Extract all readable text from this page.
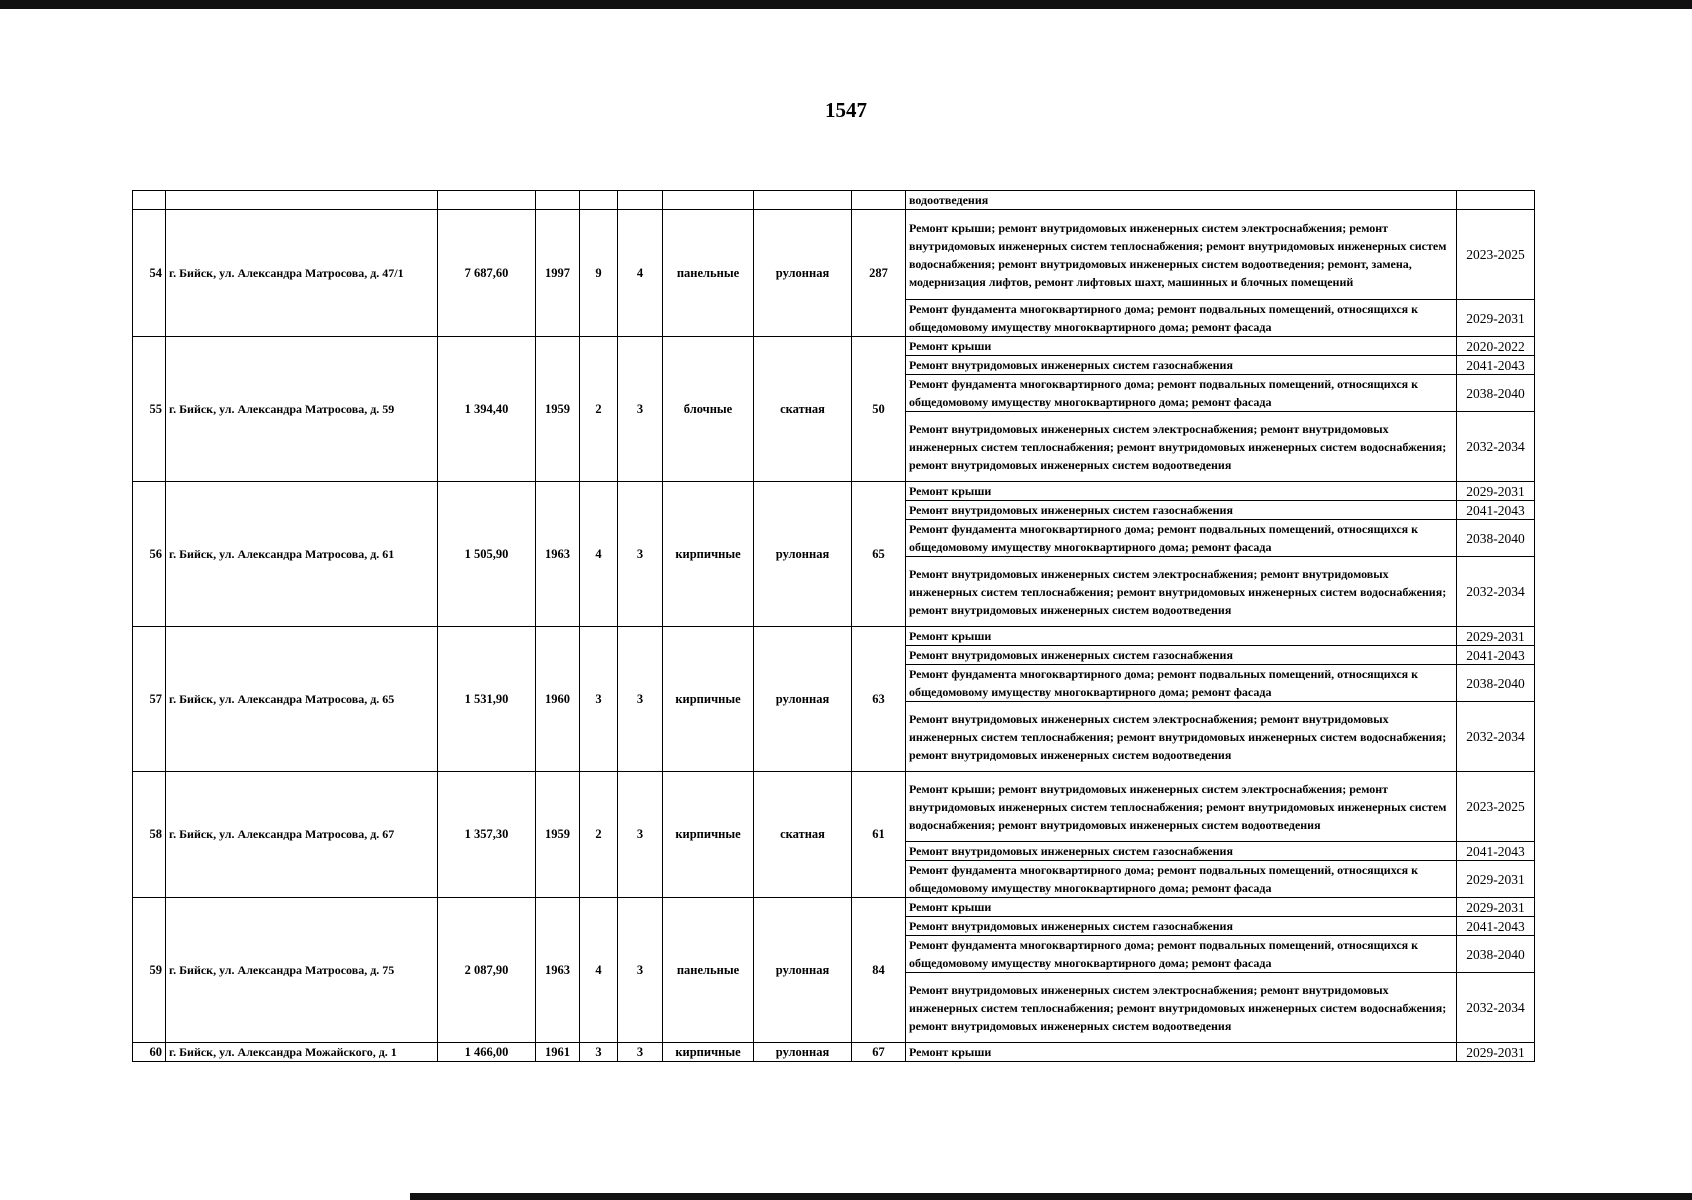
1547
									водоотведения	
54	г. Бийск, ул. Александра Матросова, д. 47/1	7 687,60	1997	9	4	панельные	рулонная	287	Ремонт крыши; ремонт внутридомовых инженерных систем электроснабжения; ремонт внутридомовых инженерных систем теплоснабжения; ремонт внутридомовых инженерных систем водоснабжения; ремонт внутридомовых инженерных систем водоотведения; ремонт, замена, модернизация лифтов, ремонт лифтовых шахт, машинных и блочных помещений	2023-2025
									Ремонт фундамента многоквартирного дома; ремонт подвальных помещений, относящихся к общедомовому имуществу многоквартирного дома; ремонт фасада	2029-2031
55	г. Бийск, ул. Александра Матросова, д. 59	1 394,40	1959	2	3	блочные	скатная	50	Ремонт крыши	2020-2022
									Ремонт внутридомовых инженерных систем газоснабжения	2041-2043
									Ремонт фундамента многоквартирного дома; ремонт подвальных помещений, относящихся к общедомовому имуществу многоквартирного дома; ремонт фасада	2038-2040
									Ремонт внутридомовых инженерных систем электроснабжения; ремонт внутридомовых инженерных систем теплоснабжения; ремонт внутридомовых инженерных систем водоснабжения; ремонт внутридомовых инженерных систем водоотведения	2032-2034
56	г. Бийск, ул. Александра Матросова, д. 61	1 505,90	1963	4	3	кирпичные	рулонная	65	Ремонт крыши	2029-2031
									Ремонт внутридомовых инженерных систем газоснабжения	2041-2043
									Ремонт фундамента многоквартирного дома; ремонт подвальных помещений, относящихся к общедомовому имуществу многоквартирного дома; ремонт фасада	2038-2040
									Ремонт внутридомовых инженерных систем электроснабжения; ремонт внутридомовых инженерных систем теплоснабжения; ремонт внутридомовых инженерных систем водоснабжения; ремонт внутридомовых инженерных систем водоотведения	2032-2034
57	г. Бийск, ул. Александра Матросова, д. 65	1 531,90	1960	3	3	кирпичные	рулонная	63	Ремонт крыши	2029-2031
									Ремонт внутридомовых инженерных систем газоснабжения	2041-2043
									Ремонт фундамента многоквартирного дома; ремонт подвальных помещений, относящихся к общедомовому имуществу многоквартирного дома; ремонт фасада	2038-2040
									Ремонт внутридомовых инженерных систем электроснабжения; ремонт внутридомовых инженерных систем теплоснабжения; ремонт внутридомовых инженерных систем водоснабжения; ремонт внутридомовых инженерных систем водоотведения	2032-2034
58	г. Бийск, ул. Александра Матросова, д. 67	1 357,30	1959	2	3	кирпичные	скатная	61	Ремонт крыши; ремонт внутридомовых инженерных систем электроснабжения; ремонт внутридомовых инженерных систем теплоснабжения; ремонт внутридомовых инженерных систем водоснабжения; ремонт внутридомовых инженерных систем водоотведения	2023-2025
									Ремонт внутридомовых инженерных систем газоснабжения	2041-2043
									Ремонт фундамента многоквартирного дома; ремонт подвальных помещений, относящихся к общедомовому имуществу многоквартирного дома; ремонт фасада	2029-2031
59	г. Бийск, ул. Александра Матросова, д. 75	2 087,90	1963	4	3	панельные	рулонная	84	Ремонт крыши	2029-2031
									Ремонт внутридомовых инженерных систем газоснабжения	2041-2043
									Ремонт фундамента многоквартирного дома; ремонт подвальных помещений, относящихся к общедомовому имуществу многоквартирного дома; ремонт фасада	2038-2040
									Ремонт внутридомовых инженерных систем электроснабжения; ремонт внутридомовых инженерных систем теплоснабжения; ремонт внутридомовых инженерных систем водоснабжения; ремонт внутридомовых инженерных систем водоотведения	2032-2034
60	г. Бийск, ул. Александра Можайского, д. 1	1 466,00	1961	3	3	кирпичные	рулонная	67	Ремонт крыши	2029-2031
